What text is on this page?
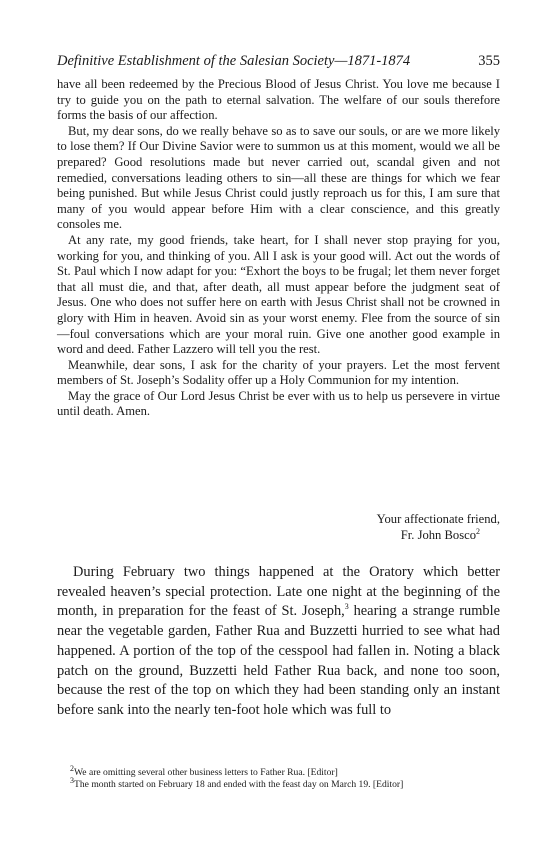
Definitive Establishment of the Salesian Society—1871-1874	355

have all been redeemed by the Precious Blood of Jesus Christ. You love me because I try to guide you on the path to eternal salvation. The welfare of our souls therefore forms the basis of our affection.

But, my dear sons, do we really behave so as to save our souls, or are we more likely to lose them? If Our Divine Savior were to summon us at this moment, would we all be prepared? Good resolutions made but never carried out, scandal given and not remedied, conversations leading others to sin—all these are things for which we fear being punished. But while Jesus Christ could justly reproach us for this, I am sure that many of you would appear before Him with a clear conscience, and this greatly consoles me.

At any rate, my good friends, take heart, for I shall never stop praying for you, working for you, and thinking of you. All I ask is your good will. Act out the words of St. Paul which I now adapt for you: “Exhort the boys to be frugal; let them never forget that all must die, and that, after death, all must appear before the judgment seat of Jesus. One who does not suffer here on earth with Jesus Christ shall not be crowned in glory with Him in heaven. Avoid sin as your worst enemy. Flee from the source of sin—foul conversations which are your moral ruin. Give one another good example in word and deed. Father Lazzero will tell you the rest.

Meanwhile, dear sons, I ask for the charity of your prayers. Let the most fervent members of St. Joseph’s Sodality offer up a Holy Communion for my intention.

May the grace of Our Lord Jesus Christ be ever with us to help us persevere in virtue until death. Amen.

Your affectionate friend,
Fr. John Bosco$^2$

During February two things happened at the Oratory which better revealed heaven’s special protection. Late one night at the beginning of the month, in preparation for the feast of St. Joseph,$^3$ hearing a strange rumble near the vegetable garden, Father Rua and Buzzetti hurried to see what had happened. A portion of the top of the cesspool had fallen in. Noting a black patch on the ground, Buzzetti held Father Rua back, and none too soon, because the rest of the top on which they had been standing only an instant before sank into the nearly ten-foot hole which was full to

$^2$We are omitting several other business letters to Father Rua. [Editor]
$^3$The month started on February 18 and ended with the feast day on March 19. [Editor]
